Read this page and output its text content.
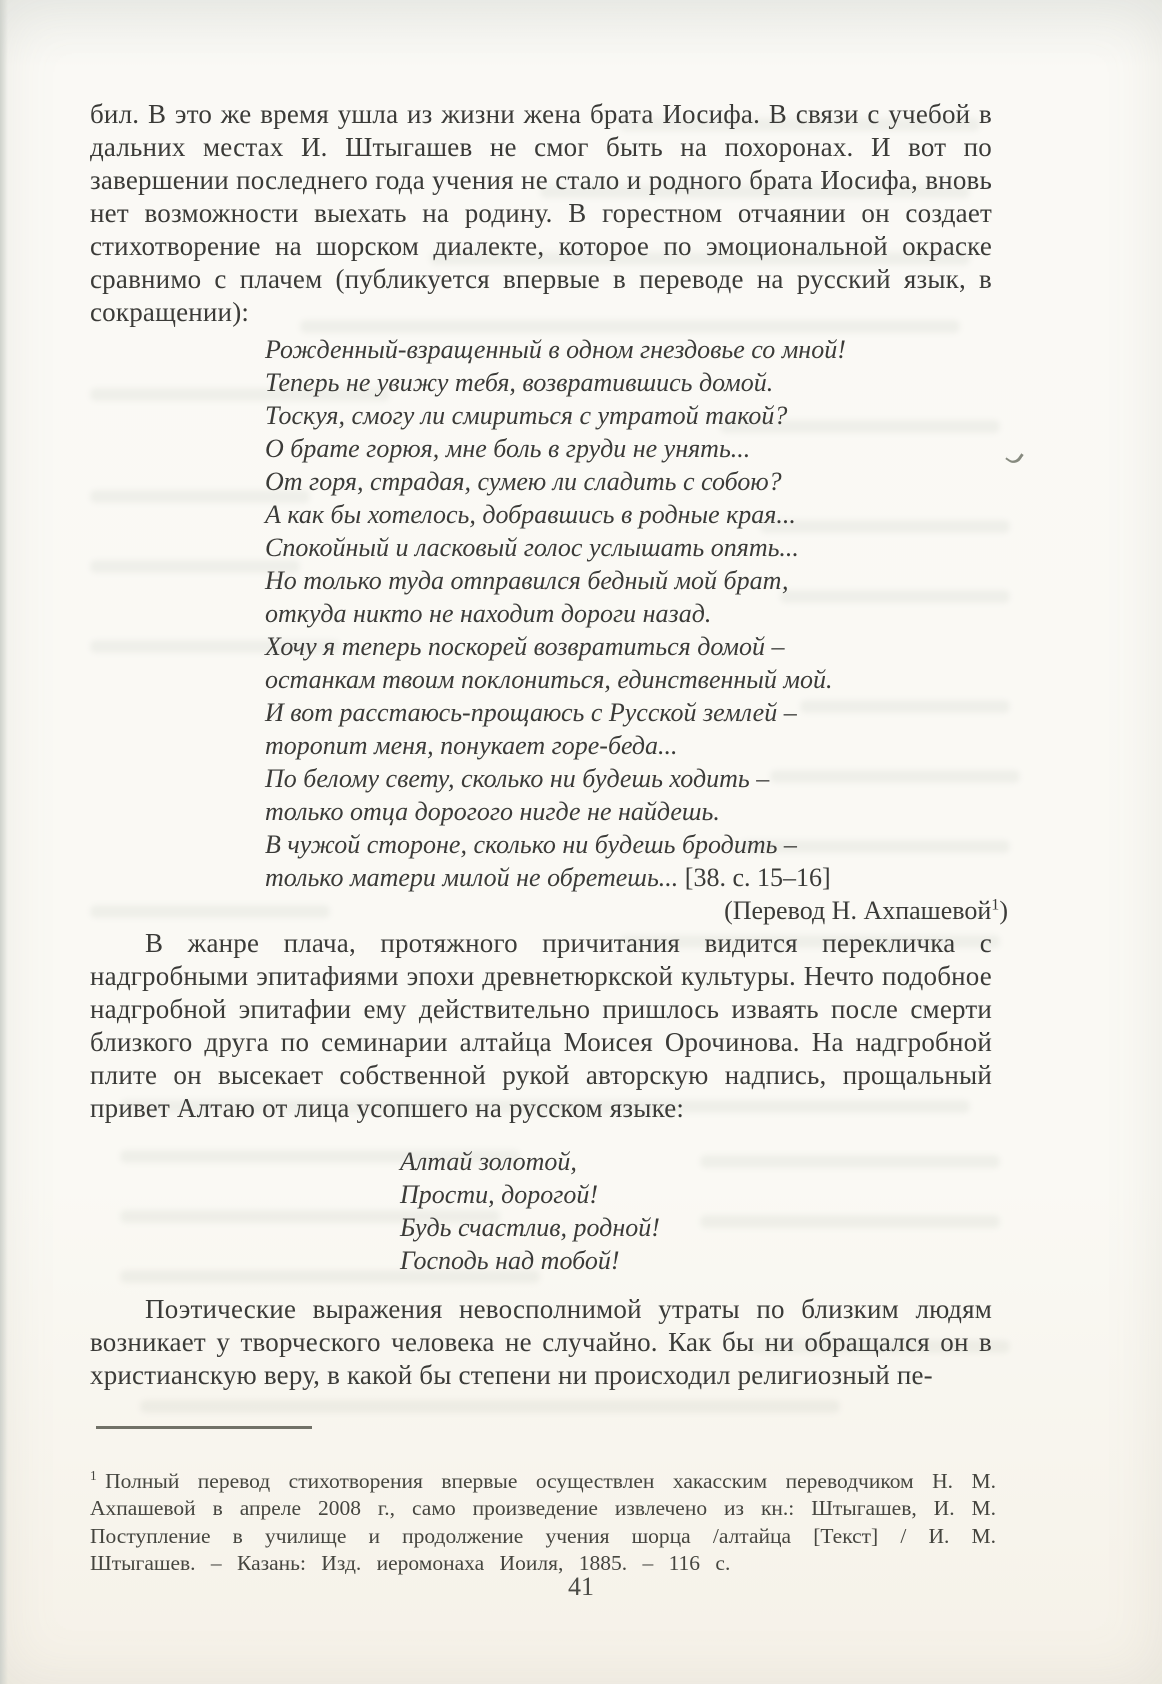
бил. В это же время ушла из жизни жена брата Иосифа. В связи с учебой в дальних местах И. Штыгашев не смог быть на похоронах. И вот по завершении последнего года учения не стало и родного брата Иосифа, вновь нет возможности выехать на родину. В горестном отчаянии он создает стихотворение на шорском диалекте, которое по эмоциональной окраске сравнимо с плачем (публикуется впервые в переводе на русский язык, в сокращении):

Рожденный-взращенный в одном гнездовье со мной!
Теперь не увижу тебя, возвратившись домой.
Тоскуя, смогу ли смириться с утратой такой?
О брате горюя, мне боль в груди не унять...
От горя, страдая, сумею ли сладить с собою?
А как бы хотелось, добравшись в родные края...
Спокойный и ласковый голос услышать опять...
Но только туда отправился бедный мой брат,
откуда никто не находит дороги назад.
Хочу я теперь поскорей возвратиться домой –
останкам твоим поклониться, единственный мой.
И вот расстаюсь-прощаюсь с Русской землей –
торопит меня, понукает горе-беда...
По белому свету, сколько ни будешь ходить –
только отца дорогого нигде не найдешь.
В чужой стороне, сколько ни будешь бродить –
только матери милой не обретешь... [38. с. 15–16]
(Перевод Н. Ахпашевой$^1$)

В жанре плача, протяжного причитания видится перекличка с надгробными эпитафиями эпохи древнетюркской культуры. Нечто подобное надгробной эпитафии ему действительно пришлось изваять после смерти близкого друга по семинарии алтайца Моисея Орочинова. На надгробной плите он высекает собственной рукой авторскую надпись, прощальный привет Алтаю от лица усопшего на русском языке:

Алтай золотой,
Прости, дорогой!
Будь счастлив, родной!
Господь над тобой!

Поэтические выражения невосполнимой утраты по близким людям возникает у творческого человека не случайно. Как бы ни обращался он в христианскую веру, в какой бы степени ни происходил религиозный пе-

$^1$ Полный перевод стихотворения впервые осуществлен хакасским переводчиком Н. М. Ахпашевой в апреле 2008 г., само произведение извлечено из кн.: Штыгашев, И. М. Поступление в училище и продолжение учения шорца /алтайца [Текст] / И. М. Штыгашев. – Казань: Изд. иеромонаха Иоиля, 1885. – 116 с.

41
